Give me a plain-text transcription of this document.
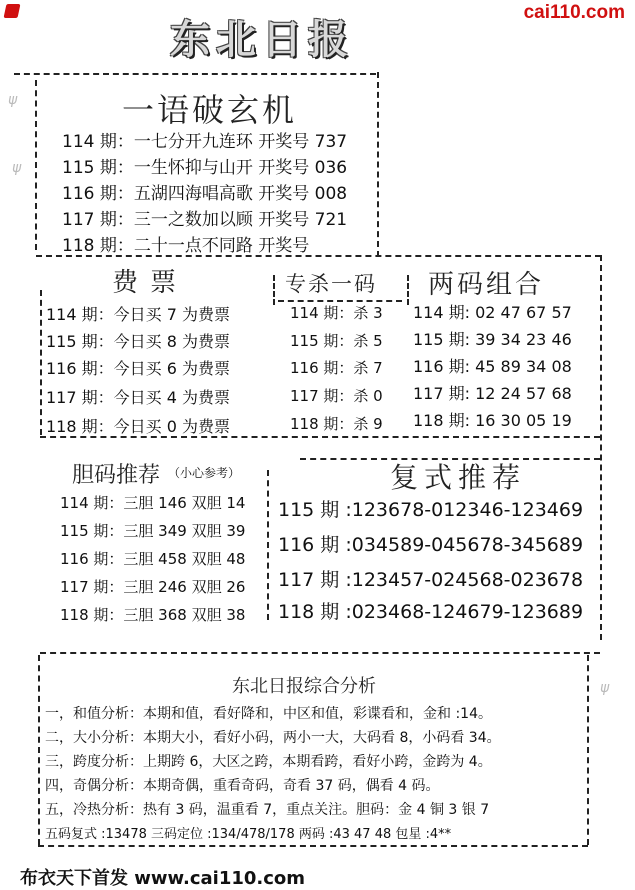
cai110.com
东北日报
ψ
ψ
ψ
一语破玄机
114 期：一七分开九连环 开奖号 737
115 期：一生怀抑与山开 开奖号 036
116 期：五湖四海唱高歌 开奖号 008
117 期：三一之数加以顾 开奖号 721
118 期：二十一点不同路 开奖号
费票
114 期：今日买 7 为费票
115 期：今日买 8 为费票
116 期：今日买 6 为费票
117 期：今日买 4 为费票
118 期：今日买 0 为费票
专杀一码
114 期：杀 3
115 期：杀 5
116 期：杀 7
117 期：杀 0
118 期：杀 9
两码组合
114 期: 02 47 67 57
115 期: 39 34 23 46
116 期: 45 89 34 08
117 期: 12 24 57 68
118 期: 16 30 05 19
胆码推荐 （小心参考）
114 期：三胆 146 双胆 14
115 期：三胆 349 双胆 39
116 期：三胆 458 双胆 48
117 期：三胆 246 双胆 26
118 期：三胆 368 双胆 38
复式推荐
115 期 :123678-012346-123469
116 期 :034589-045678-345689
117 期 :123457-024568-023678
118 期 :023468-124679-123689
东北日报综合分析
一，和值分析：本期和值，看好降和，中区和值，彩谍看和，金和 :14。
二，大小分析：本期大小，看好小码，两小一大，大码看 8，小码看 34。
三，跨度分析：上期跨 6，大区之跨，本期看跨，看好小跨，金跨为 4。
四，奇偶分析：本期奇偶，重看奇码，奇看 37 码，偶看 4 码。
五，冷热分析：热有 3 码，温重看 7，重点关注。胆码：金 4 铜 3 银 7
五码复式 :13478 三码定位 :134/478/178 两码 :43 47 48 包星 :4**
布衣天下首发 www.cai110.com
